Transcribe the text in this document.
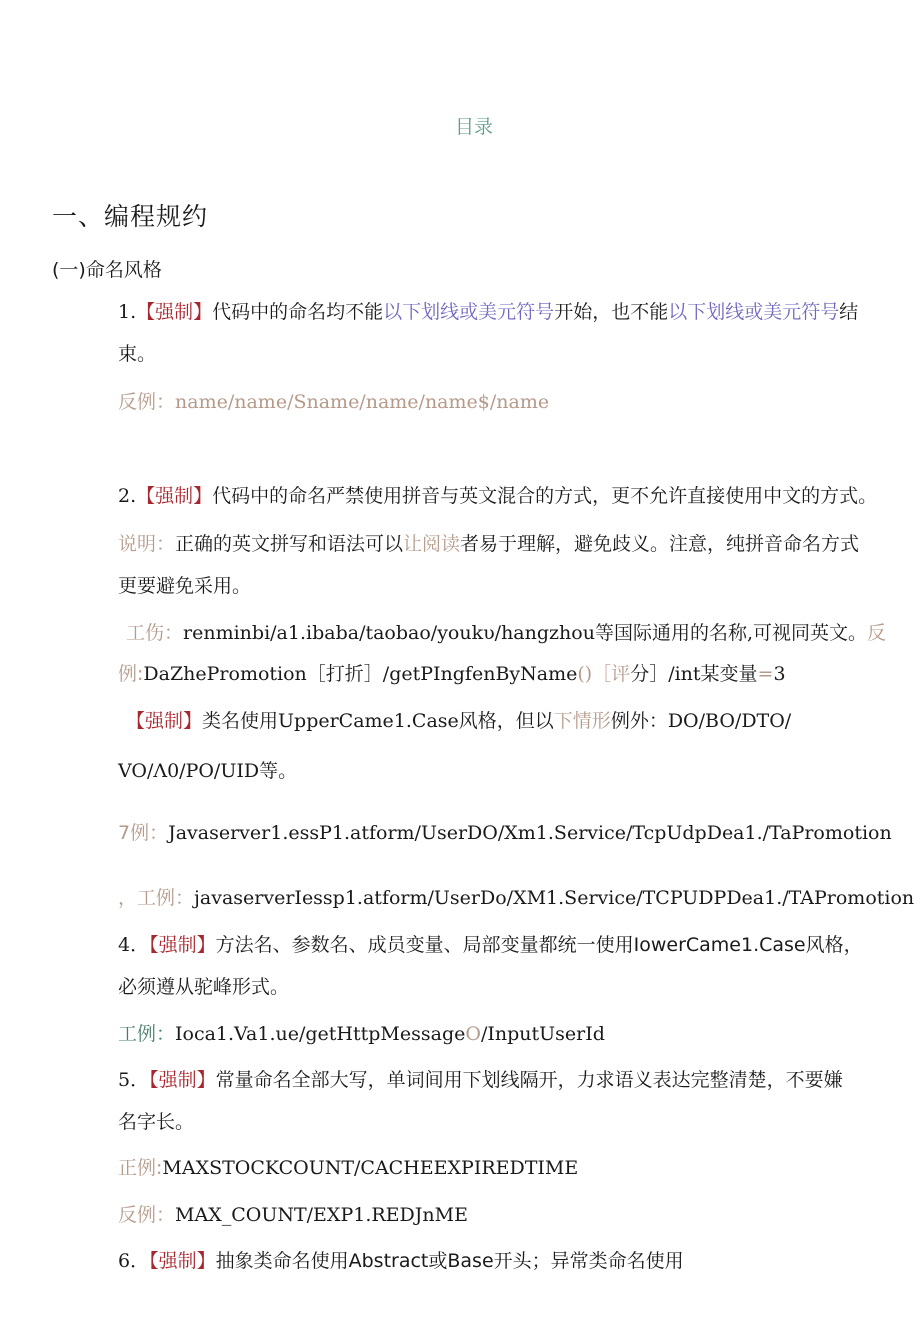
目录
一、编程规约
(一)命名风格
1.【强制】代码中的命名均不能以下划线或美元符号开始，也不能以下划线或美元符号结
束。
反例：name/name/Sname/name/name$/name
2.【强制】代码中的命名严禁使用拼音与英文混合的方式，更不允许直接使用中文的方式。
说明：正确的英文拼写和语法可以让阅读者易于理解，避免歧义。注意，纯拼音命名方式
更要避免采用。
工伤：renminbi/a1.ibaba/taobao/youkυ/hangzhou等国际通用的名称,可视同英文。反
例:DaZhePromotion［打折］/getPIngfenByName()［评分］/int某变量=3
【强制】类名使用UpperCame1.Case风格，但以下情形例外：DO/BO/DTO/
VO/Λ0/PO/UID等。
7例：Javaserver1.essP1.atform/UserDO/Xm1.Service/TcpUdpDea1./TaPromotion
，工例：javaserverIessp1.atform/UserDo/XM1.Service/TCPUDPDea1./TAPromotion
4．【强制】方法名、参数名、成员变量、局部变量都统一使用IowerCame1.Case风格，
必须遵从驼峰形式。
工例：Ioca1.Va1.ue/getHttpMessageO/InputUserId
5．【强制】常量命名全部大写，单词间用下划线隔开，力求语义表达完整清楚，不要嫌
名字长。
正例:MAXSTOCKCOUNT/CACHEEXPIREDTIME
反例：MAX_COUNT/EXP1.REDJnME
6．【强制】抽象类命名使用Abstract或Base开头；异常类命名使用
